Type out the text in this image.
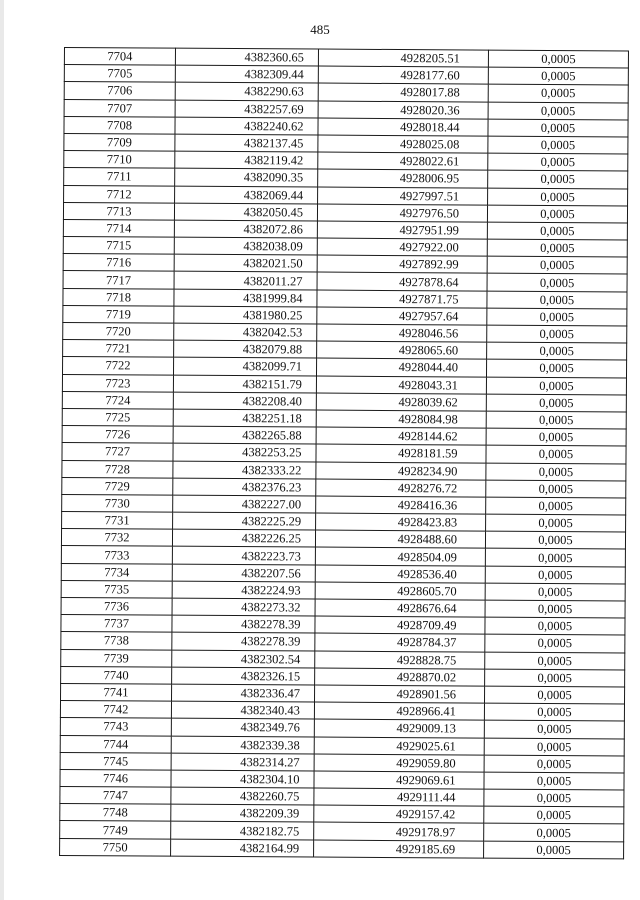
485
7704	4382360.65	4928205.51	0,0005
7705	4382309.44	4928177.60	0,0005
7706	4382290.63	4928017.88	0,0005
7707	4382257.69	4928020.36	0,0005
7708	4382240.62	4928018.44	0,0005
7709	4382137.45	4928025.08	0,0005
7710	4382119.42	4928022.61	0,0005
7711	4382090.35	4928006.95	0,0005
7712	4382069.44	4927997.51	0,0005
7713	4382050.45	4927976.50	0,0005
7714	4382072.86	4927951.99	0,0005
7715	4382038.09	4927922.00	0,0005
7716	4382021.50	4927892.99	0,0005
7717	4382011.27	4927878.64	0,0005
7718	4381999.84	4927871.75	0,0005
7719	4381980.25	4927957.64	0,0005
7720	4382042.53	4928046.56	0,0005
7721	4382079.88	4928065.60	0,0005
7722	4382099.71	4928044.40	0,0005
7723	4382151.79	4928043.31	0,0005
7724	4382208.40	4928039.62	0,0005
7725	4382251.18	4928084.98	0,0005
7726	4382265.88	4928144.62	0,0005
7727	4382253.25	4928181.59	0,0005
7728	4382333.22	4928234.90	0,0005
7729	4382376.23	4928276.72	0,0005
7730	4382227.00	4928416.36	0,0005
7731	4382225.29	4928423.83	0,0005
7732	4382226.25	4928488.60	0,0005
7733	4382223.73	4928504.09	0,0005
7734	4382207.56	4928536.40	0,0005
7735	4382224.93	4928605.70	0,0005
7736	4382273.32	4928676.64	0,0005
7737	4382278.39	4928709.49	0,0005
7738	4382278.39	4928784.37	0,0005
7739	4382302.54	4928828.75	0,0005
7740	4382326.15	4928870.02	0,0005
7741	4382336.47	4928901.56	0,0005
7742	4382340.43	4928966.41	0,0005
7743	4382349.76	4929009.13	0,0005
7744	4382339.38	4929025.61	0,0005
7745	4382314.27	4929059.80	0,0005
7746	4382304.10	4929069.61	0,0005
7747	4382260.75	4929111.44	0,0005
7748	4382209.39	4929157.42	0,0005
7749	4382182.75	4929178.97	0,0005
7750	4382164.99	4929185.69	0,0005
